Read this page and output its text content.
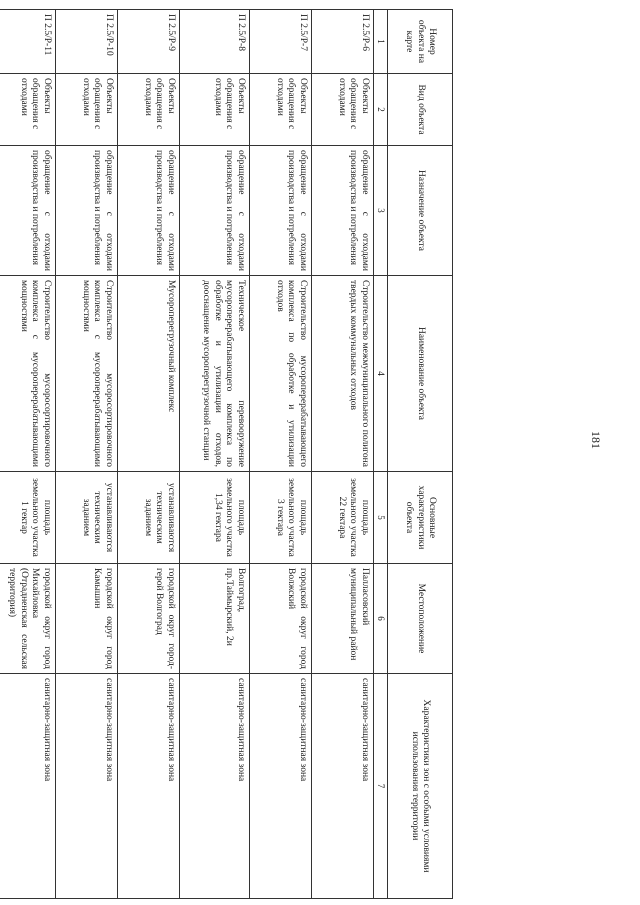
181
Номер объекта на карте	Вид объекта	Назначение объекта	Наименование объекта	Основные характеристики объекта	Местоположение	Характеристики зон с особыми условиями использования территории
1	2	3	4	5	6	7
П 2.5/Р-6	Объекты обращения с отходами	обращение с отходами производства и потребления	Строительство межмуниципального полигона твердых коммунальных отходов	площадь земельного участка 22 гектара	Палласовский муниципальный район	санитарно-защитная зона
П 2.5/Р-7	Объекты обращения с отходами	обращение с отходами производства и потребления	Строительство мусороперерабатывающего комплекса по обработке и утилизации отходов	площадь земельного участка 3 гектара	городской округ город Волжский	санитарно-защитная зона
П 2.5/Р-8	Объекты обращения с отходами	обращение с отходами производства и потребления	Техническое перевооружение мусороперерабатывающего комплекса по обработке и утилизации отходов, дооснащение мусороперегрузочной станции	площадь земельного участка 1,34 гектара	Волгоград, пр.Таймырский, 2и	санитарно-защитная зона
П 2.5/Р-9	Объекты обращения с отходами	обращение с отходами производства и потребления	Мусороперегрузочный комплекс	устанавливаются техническим заданием	городской округ город-герой Волгоград	санитарно-защитная зона
П 2.5/Р-10	Объекты обращения с отходами	обращение с отходами производства и потребления	Строительство мусоросортировочного комплекса с мусороперерабатывающими мощностями	устанавливаются техническим заданием	городской округ город Камышин	санитарно-защитная зона
П 2.5/Р-11	Объекты обращения с отходами	обращение с отходами производства и потребления	Строительство мусоросортировочного комплекса с мусороперерабатывающими мощностями	площадь земельного участка 1 гектар	городской округ город Михайловка (Отрадненская сельская территория)	санитарно-защитная зона
